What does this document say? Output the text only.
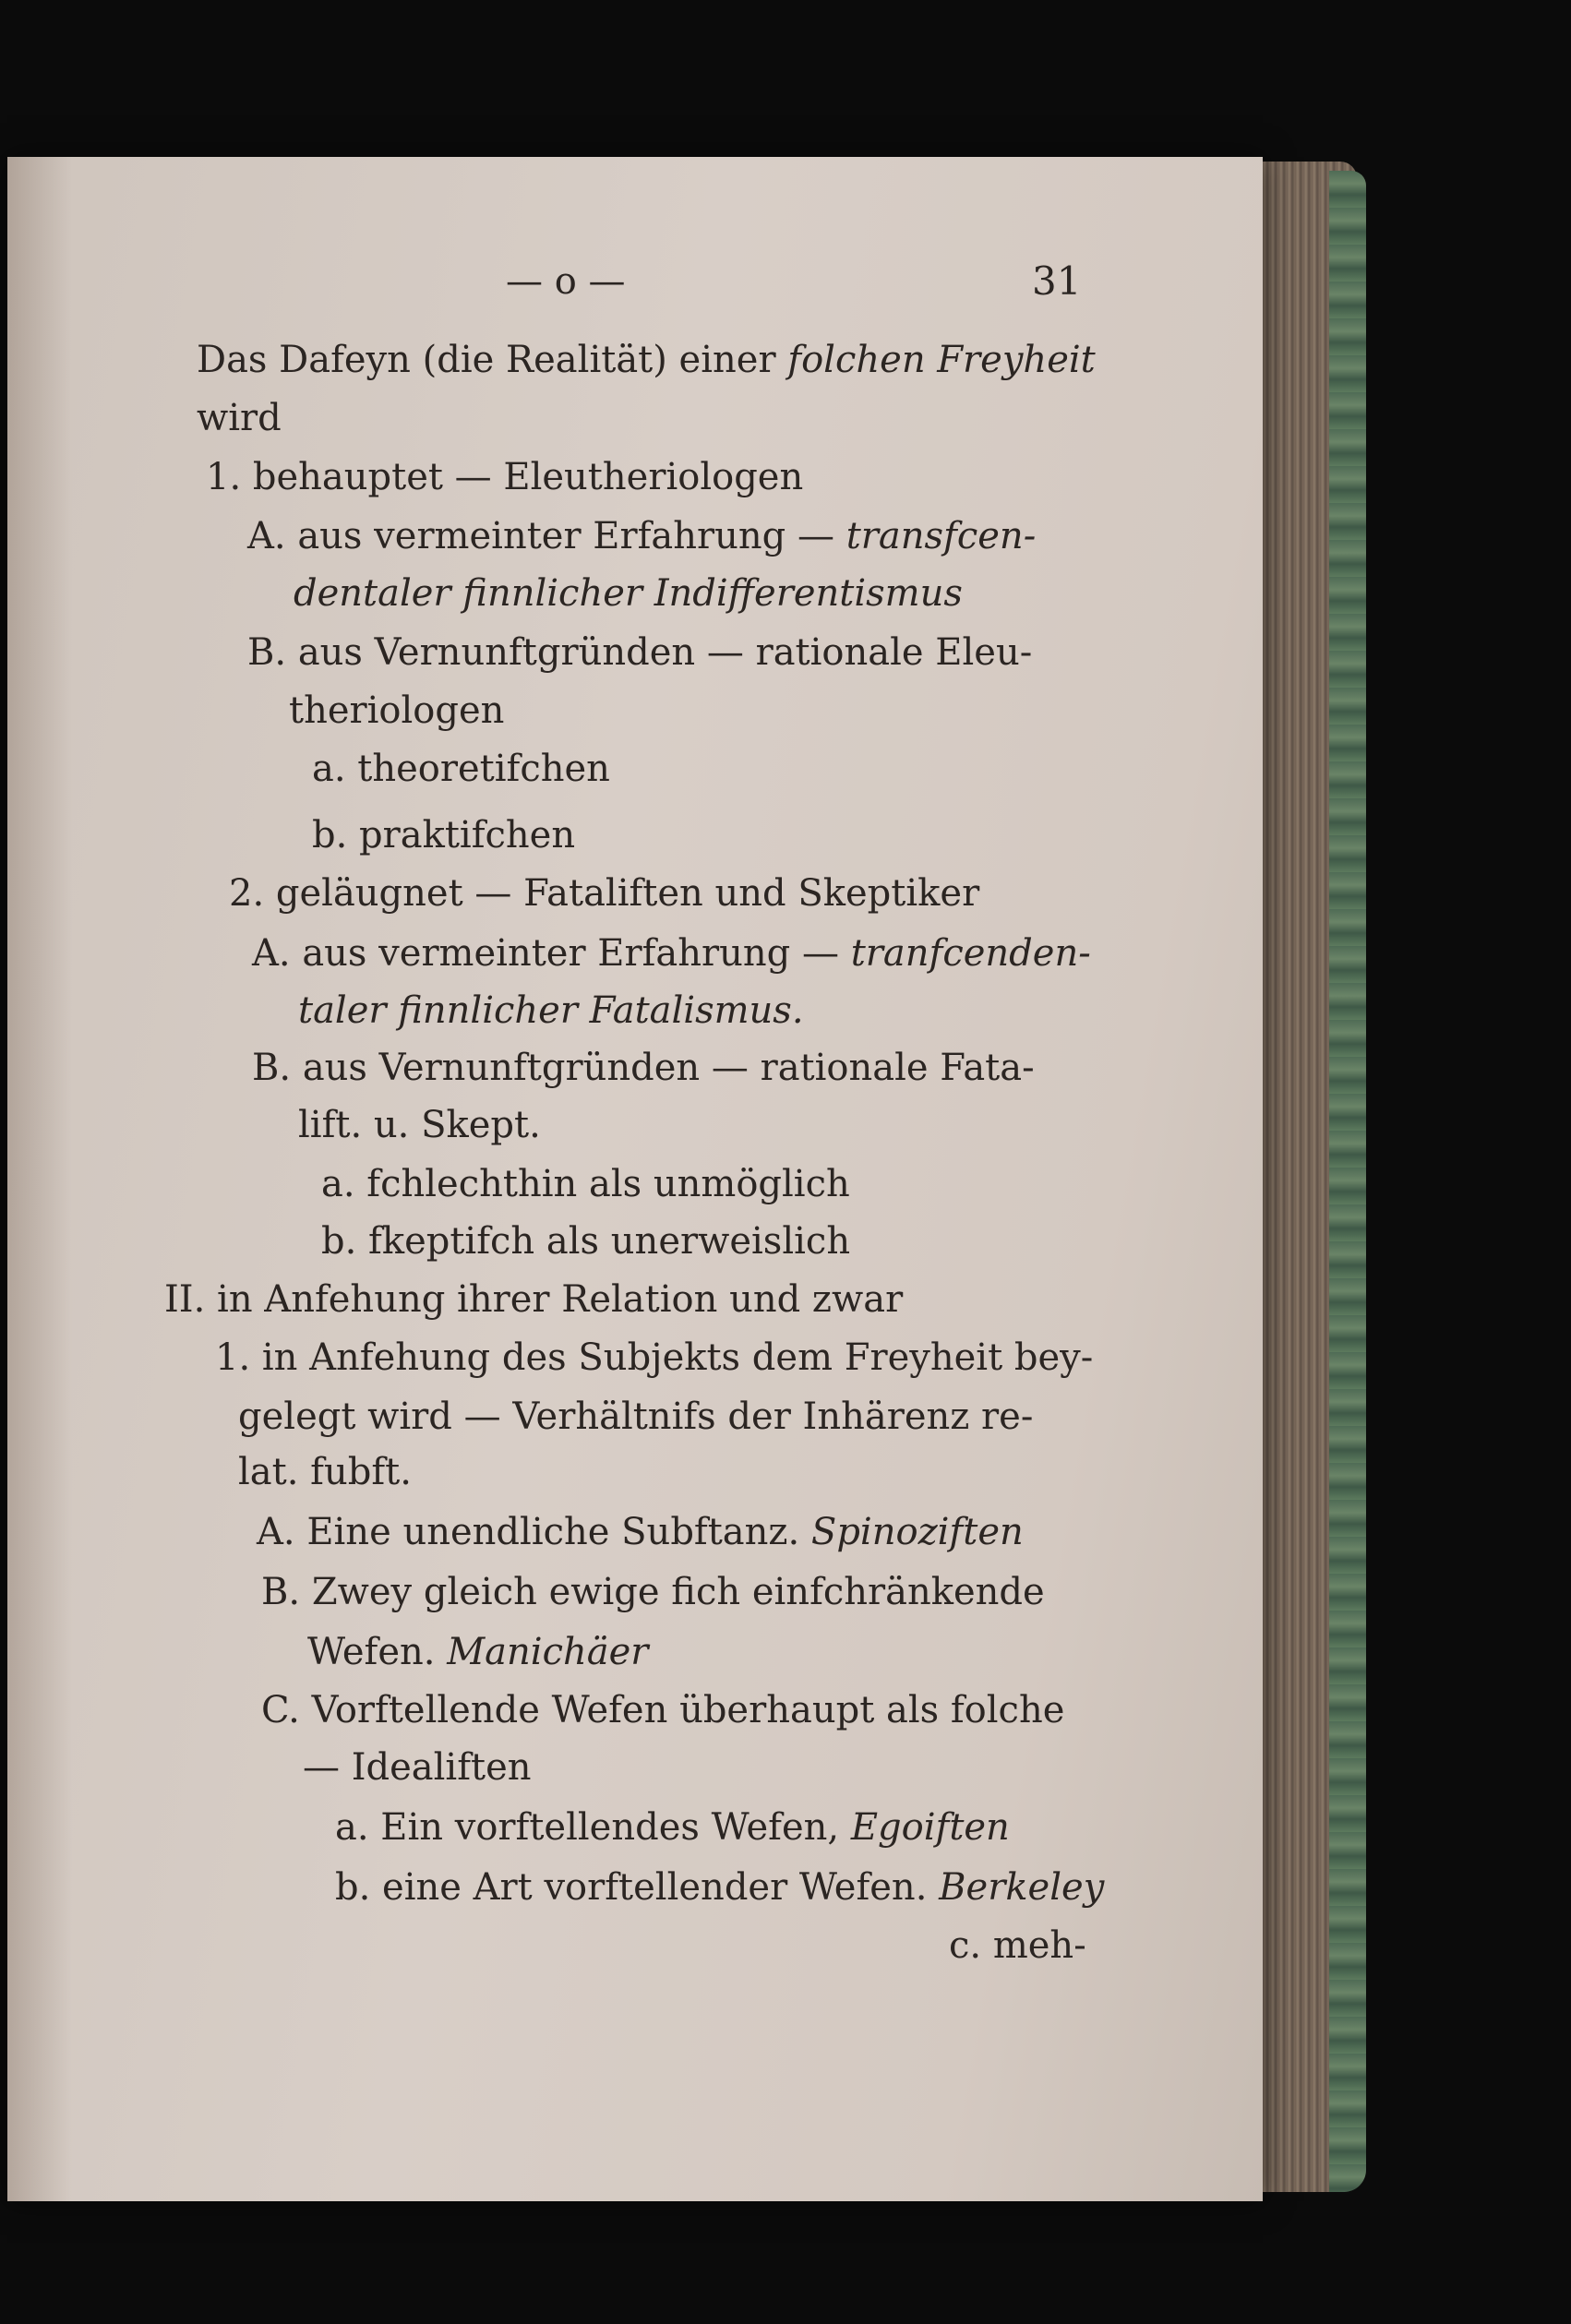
— o —	31
Das Dafeyn (die Realität) einer folchen Freyheit
wird
1. behauptet — Eleutheriologen
A. aus vermeinter Erfahrung — transfcen-
dentaler finnlicher Indifferentismus
B. aus Vernunftgründen — rationale Eleu-
theriologen
a. theoretifchen
b. praktifchen
2. geläugnet — Fataliften und Skeptiker
A. aus vermeinter Erfahrung — tranfcenden-
taler finnlicher Fatalismus.
B. aus Vernunftgründen — rationale Fata-
lift. u. Skept.
a. fchlechthin als unmöglich
b. fkeptifch als unerweislich
II. in Anfehung ihrer Relation und zwar
1. in Anfehung des Subjekts dem Freyheit bey-
gelegt wird — Verhältnifs der Inhärenz re-
lat. fubft.
A. Eine unendliche Subftanz. Spinoziften
B. Zwey gleich ewige fich einfchränkende
Wefen. Manichäer
C. Vorftellende Wefen überhaupt als folche
— Idealiften
a. Ein vorftellendes Wefen, Egoiften
b. eine Art vorftellender Wefen. Berkeley
c. meh-
